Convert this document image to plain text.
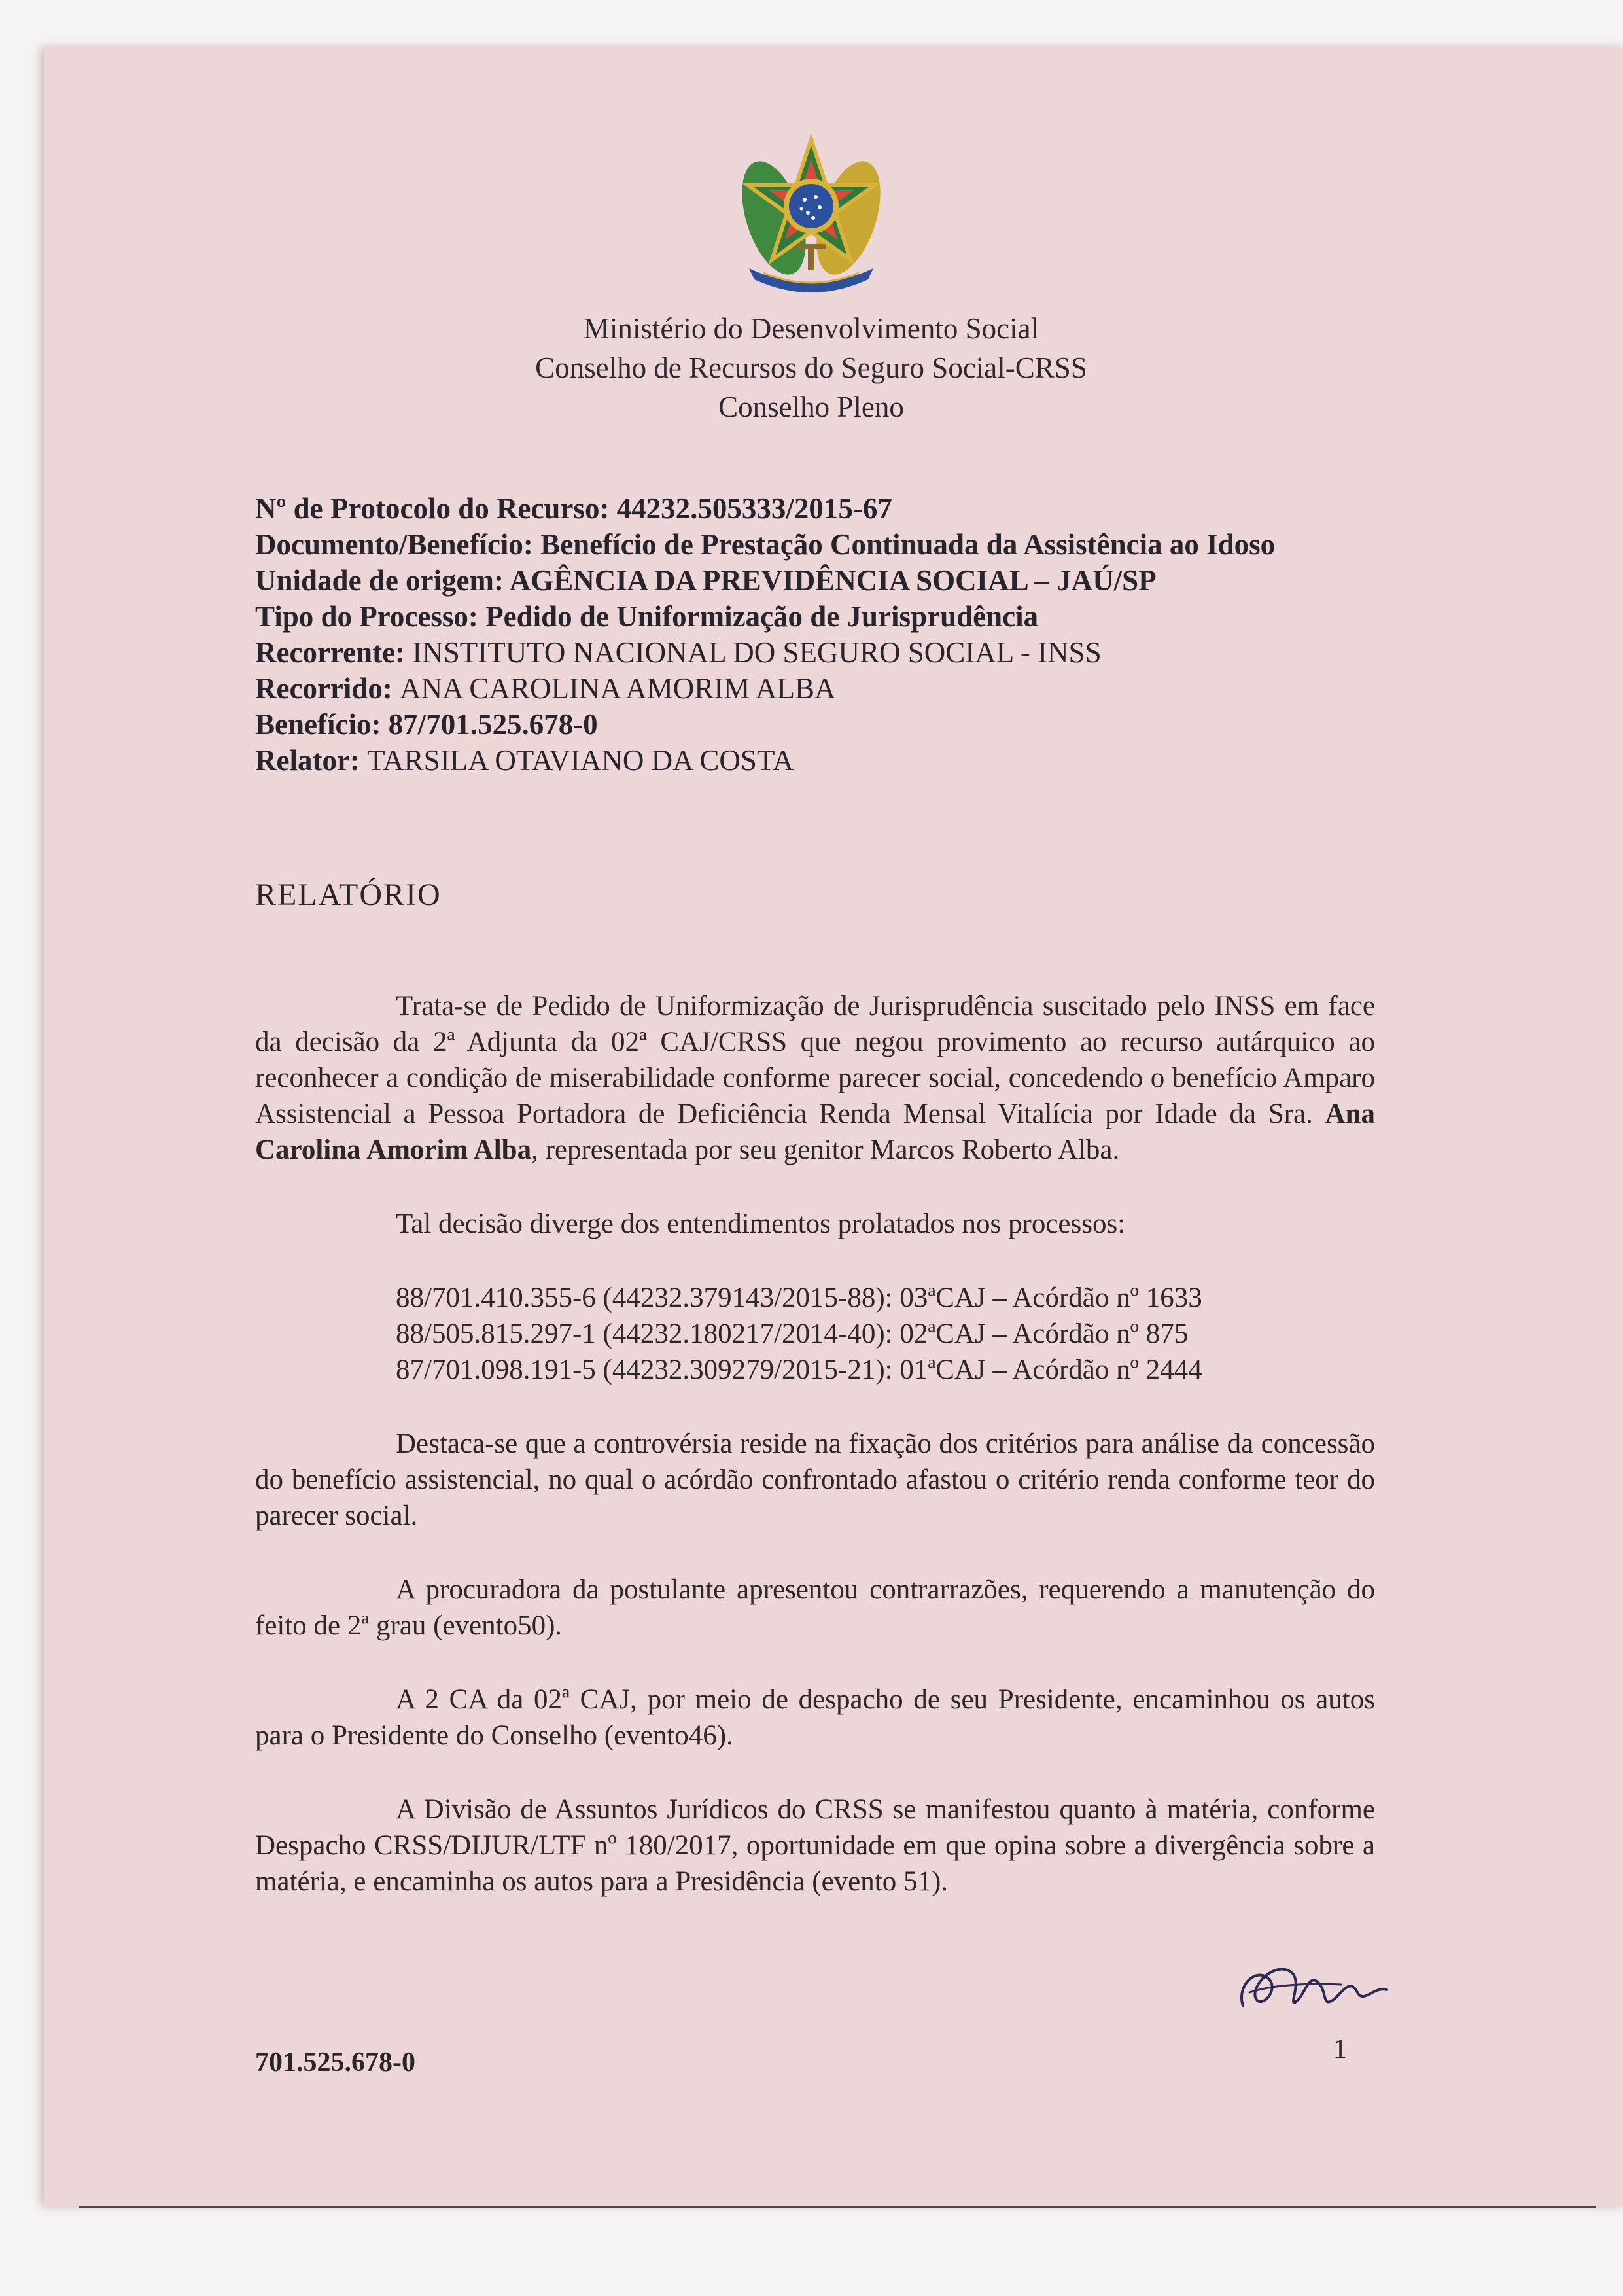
Ministério do Desenvolvimento Social
Conselho de Recursos do Seguro Social-CRSS
Conselho Pleno
Nº de Protocolo do Recurso: 44232.505333/2015-67
Documento/Benefício: Benefício de Prestação Continuada da Assistência ao Idoso
Unidade de origem: AGÊNCIA DA PREVIDÊNCIA SOCIAL – JAÚ/SP
Tipo do Processo: Pedido de Uniformização de Jurisprudência
Recorrente: INSTITUTO NACIONAL DO SEGURO SOCIAL - INSS
Recorrido: ANA CAROLINA AMORIM ALBA
Benefício: 87/701.525.678-0
Relator: TARSILA OTAVIANO DA COSTA
RELATÓRIO

Trata-se de Pedido de Uniformização de Jurisprudência suscitado pelo INSS em face da decisão da 2ª Adjunta da 02ª CAJ/CRSS que negou provimento ao recurso autárquico ao reconhecer a condição de miserabilidade conforme parecer social, concedendo o benefício Amparo Assistencial a Pessoa Portadora de Deficiência Renda Mensal Vitalícia por Idade da Sra. Ana Carolina Amorim Alba, representada por seu genitor Marcos Roberto Alba.

Tal decisão diverge dos entendimentos prolatados nos processos:

88/701.410.355-6 (44232.379143/2015-88): 03ªCAJ – Acórdão nº 1633
88/505.815.297-1 (44232.180217/2014-40): 02ªCAJ – Acórdão nº 875
87/701.098.191-5 (44232.309279/2015-21): 01ªCAJ – Acórdão nº 2444

Destaca-se que a controvérsia reside na fixação dos critérios para análise da concessão do benefício assistencial, no qual o acórdão confrontado afastou o critério renda conforme teor do parecer social.

A procuradora da postulante apresentou contrarrazões, requerendo a manutenção do feito de 2ª grau (evento50).

A 2 CA da 02ª CAJ, por meio de despacho de seu Presidente, encaminhou os autos para o Presidente do Conselho (evento46).

A Divisão de Assuntos Jurídicos do CRSS se manifestou quanto à matéria, conforme Despacho CRSS/DIJUR/LTF nº 180/2017, oportunidade em que opina sobre a divergência sobre a matéria, e encaminha os autos para a Presidência (evento 51).

701.525.678-0	1
